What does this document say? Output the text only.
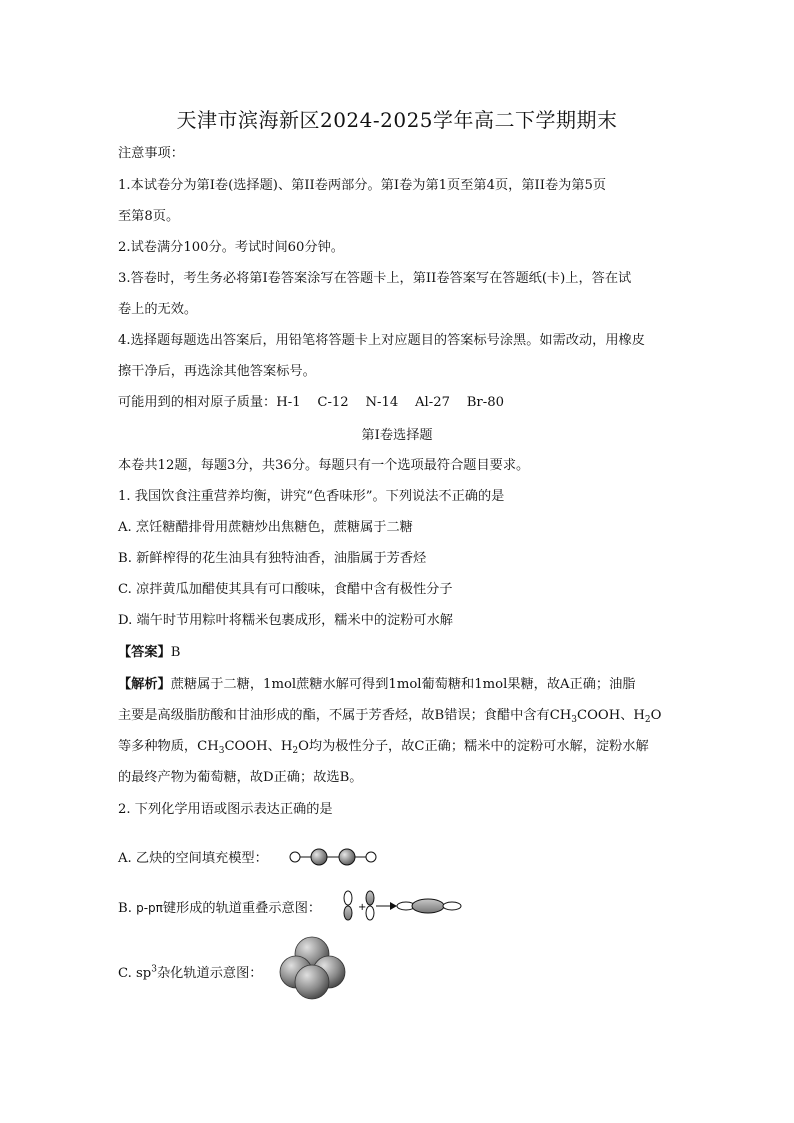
天津市滨海新区2024-2025学年高二下学期期末
注意事项：
1.本试卷分为第I卷(选择题)、第II卷两部分。第I卷为第1页至第4页，第II卷为第5页
至第8页。
2.试卷满分100分。考试时间60分钟。
3.答卷时，考生务必将第I卷答案涂写在答题卡上，第II卷答案写在答题纸(卡)上，答在试
卷上的无效。
4.选择题每题选出答案后，用铅笔将答题卡上对应题目的答案标号涂黑。如需改动，用橡皮
擦干净后，再选涂其他答案标号。
可能用到的相对原子质量：H-1    C-12    N-14    Al-27    Br-80
第I卷选择题
本卷共12题，每题3分，共36分。每题只有一个选项最符合题目要求。
1. 我国饮食注重营养均衡，讲究“色香味形”。下列说法不正确的是
A. 烹饪糖醋排骨用蔗糖炒出焦糖色，蔗糖属于二糖
B. 新鲜榨得的花生油具有独特油香，油脂属于芳香烃
C. 凉拌黄瓜加醋使其具有可口酸味，食醋中含有极性分子
D. 端午时节用粽叶将糯米包裹成形，糯米中的淀粉可水解
【答案】B
【解析】蔗糖属于二糖，1mol蔗糖水解可得到1mol葡萄糖和1mol果糖，故A正确；油脂
主要是高级脂肪酸和甘油形成的酯，不属于芳香烃，故B错误；食醋中含有$CH_3COOH$、$H_2O$
等多种物质，$CH_3COOH$、$H_2O$均为极性分子，故C正确；糯米中的淀粉可水解，淀粉水解
的最终产物为葡萄糖，故D正确；故选B。
2. 下列化学用语或图示表达正确的是
A. 乙炔的空间填充模型：
B. p-pπ键形成的轨道重叠示意图：	+
C. $sp^3$杂化轨道示意图：
